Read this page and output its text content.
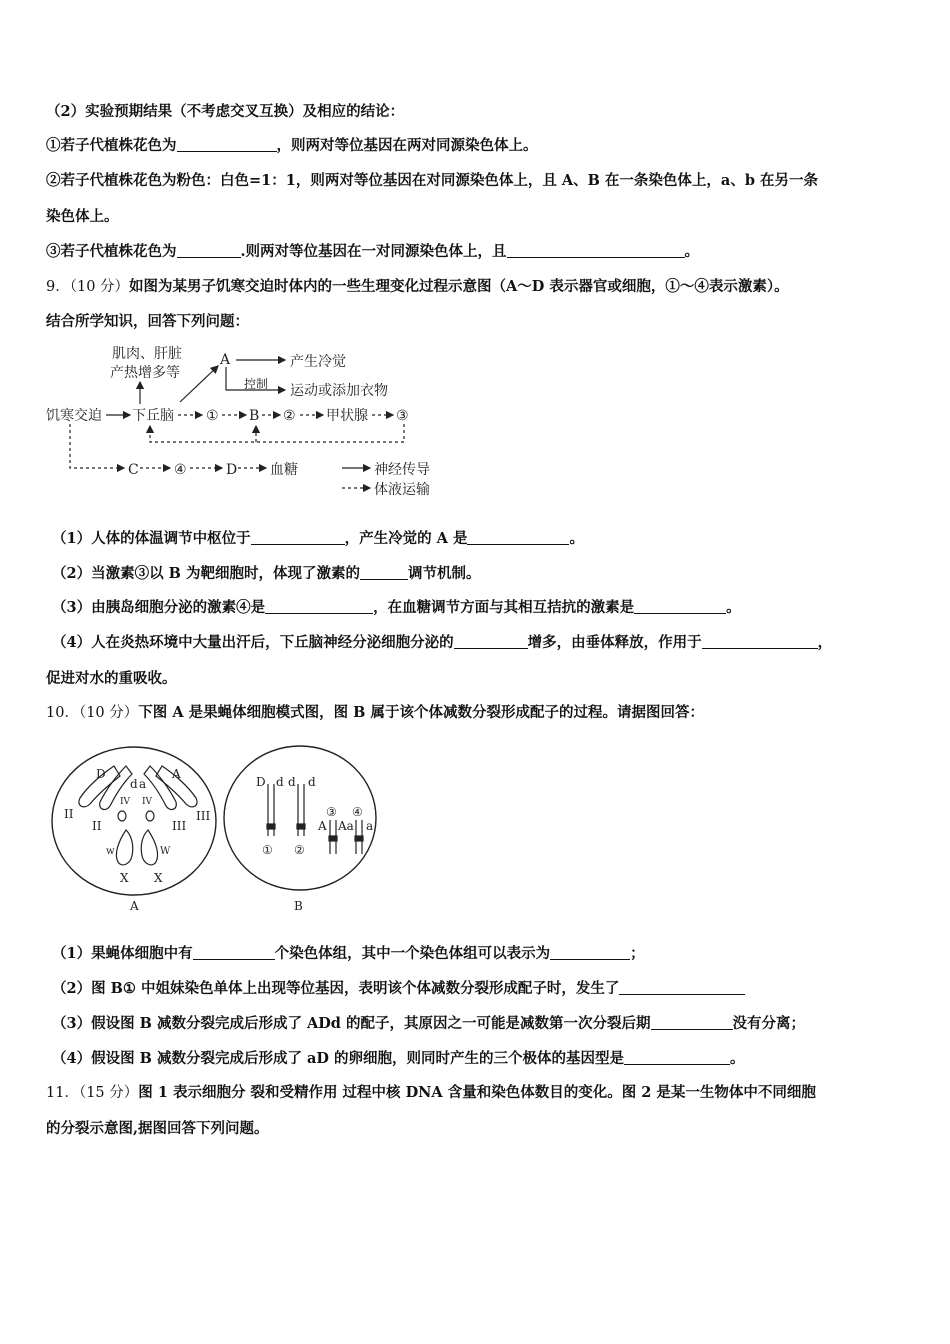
（2）实验预期结果（不考虑交叉互换）及相应的结论：
①若子代植株花色为	，则两对等位基因在两对同源染色体上。
②若子代植株花色为粉色：白色=1：1，则两对等位基因在对同源染色体上，且 A、B 在一条染色体上，a、b 在另一条
染色体上。
③若子代植株花色为	.则两对等位基因在一对同源染色体上，且	。
9．（10 分）如图为某男子饥寒交迫时体内的一些生理变化过程示意图（A～D 表示器官或细胞，①～④表示激素）。
结合所学知识，回答下列问题：
肌肉、肝脏
产热增多等
A	产生冷觉
控制 运动或添加衣物
饥寒交迫 下丘脑 ① B ② 甲状腺 ③
C	④	D 血糖	神经传导
体液运输
（1）人体的体温调节中枢位于	，产生冷觉的 A 是	。
（2）当激素③以 B 为靶细胞时，体现了激素的	调节机制。
（3）由胰岛细胞分泌的激素④是	，在血糖调节方面与其相互拮抗的激素是	。
（4）人在炎热环境中大量出汗后，下丘脑神经分泌细胞分泌的	增多，由垂体释放，作用于	，
促进对水的重吸收。
10．（10 分）下图 A 是果蝇体细胞模式图，图 B 属于该个体减数分裂形成配子的过程。请据图回答：
D
d a
A
II
II
IV IV
III
III
w	W
X X
A
D d d d
① ②
③ ④
A Aa a
B
（1）果蝇体细胞中有	个染色体组，其中一个染色体组可以表示为	；
（2）图 B① 中姐妹染色单体上出现等位基因，表明该个体减数分裂形成配子时，发生了
（3）假设图 B 减数分裂完成后形成了 ADd 的配子，其原因之一可能是减数第一次分裂后期	没有分离；
（4）假设图 B 减数分裂完成后形成了 aD 的卵细胞，则同时产生的三个极体的基因型是	。
11．（15 分）图 1 表示细胞分 裂和受精作用 过程中核 DNA 含量和染色体数目的变化。图 2 是某一生物体中不同细胞
的分裂示意图,据图回答下列问题。
